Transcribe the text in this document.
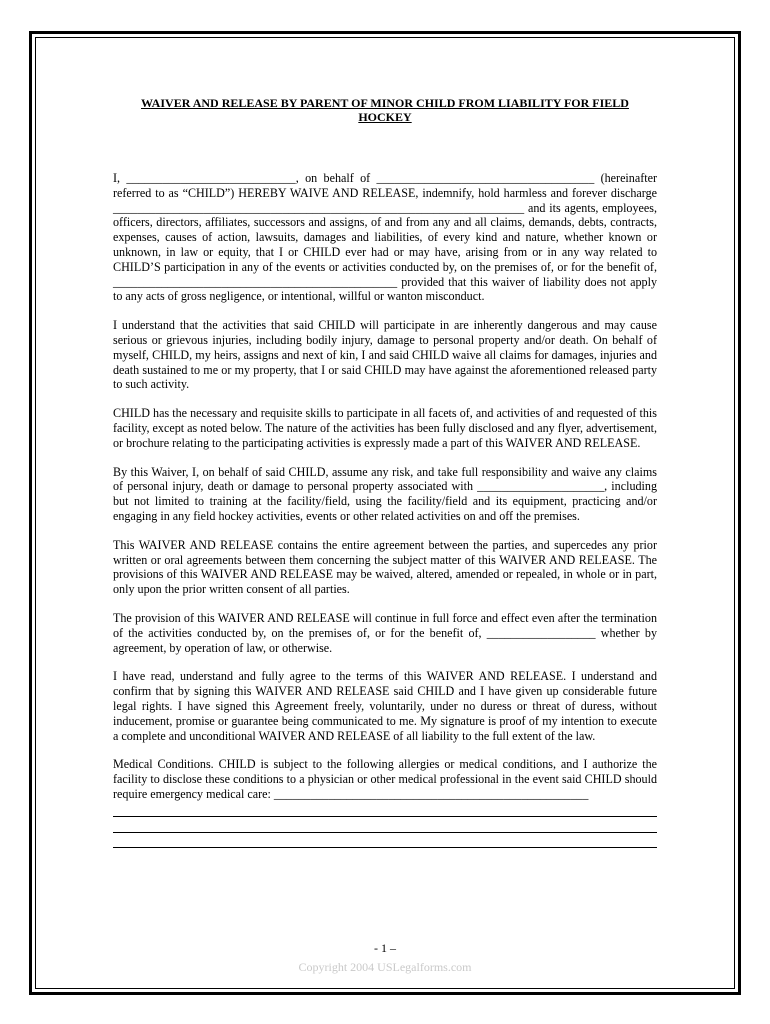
WAIVER AND RELEASE BY PARENT OF MINOR CHILD FROM LIABILITY FOR FIELD HOCKEY

I, ____________________________, on behalf of ____________________________________ (hereinafter referred to as “CHILD”) HEREBY WAIVE AND RELEASE, indemnify, hold harmless and forever discharge ____________________________________________________________________ and its agents, employees, officers, directors, affiliates, successors and assigns, of and from any and all claims, demands, debts, contracts, expenses, causes of action, lawsuits, damages and liabilities, of every kind and nature, whether known or unknown, in law or equity, that I or CHILD ever had or may have, arising from or in any way related to CHILD’S participation in any of the events or activities conducted by, on the premises of, or for the benefit of, _______________________________________________ provided that this waiver of liability does not apply to any acts of gross negligence, or intentional, willful or wanton misconduct.

I understand that the activities that said CHILD will participate in are inherently dangerous and may cause serious or grievous injuries, including bodily injury, damage to personal property and/or death. On behalf of myself, CHILD, my heirs, assigns and next of kin, I and said CHILD waive all claims for damages, injuries and death sustained to me or my property, that I or said CHILD may have against the aforementioned released party to such activity.

CHILD has the necessary and requisite skills to participate in all facets of, and activities of and requested of this facility, except as noted below. The nature of the activities has been fully disclosed and any flyer, advertisement, or brochure relating to the participating activities is expressly made a part of this WAIVER AND RELEASE.

By this Waiver, I, on behalf of said CHILD, assume any risk, and take full responsibility and waive any claims of personal injury, death or damage to personal property associated with _____________________, including but not limited to training at the facility/field, using the facility/field and its equipment, practicing and/or engaging in any field hockey activities, events or other related activities on and off the premises.

This WAIVER AND RELEASE contains the entire agreement between the parties, and supercedes any prior written or oral agreements between them concerning the subject matter of this WAIVER AND RELEASE. The provisions of this WAIVER AND RELEASE may be waived, altered, amended or repealed, in whole or in part, only upon the prior written consent of all parties.

The provision of this WAIVER AND RELEASE will continue in full force and effect even after the termination of the activities conducted by, on the premises of, or for the benefit of, __________________ whether by agreement, by operation of law, or otherwise.

I have read, understand and fully agree to the terms of this WAIVER AND RELEASE. I understand and confirm that by signing this WAIVER AND RELEASE said CHILD and I have given up considerable future legal rights. I have signed this Agreement freely, voluntarily, under no duress or threat of duress, without inducement, promise or guarantee being communicated to me. My signature is proof of my intention to execute a complete and unconditional WAIVER AND RELEASE of all liability to the full extent of the law.

Medical Conditions. CHILD is subject to the following allergies or medical conditions, and I authorize the facility to disclose these conditions to a physician or other medical professional in the event said CHILD should require emergency medical care: ____________________________________________________

- 1 –
Copyright 2004 USLegalforms.com
